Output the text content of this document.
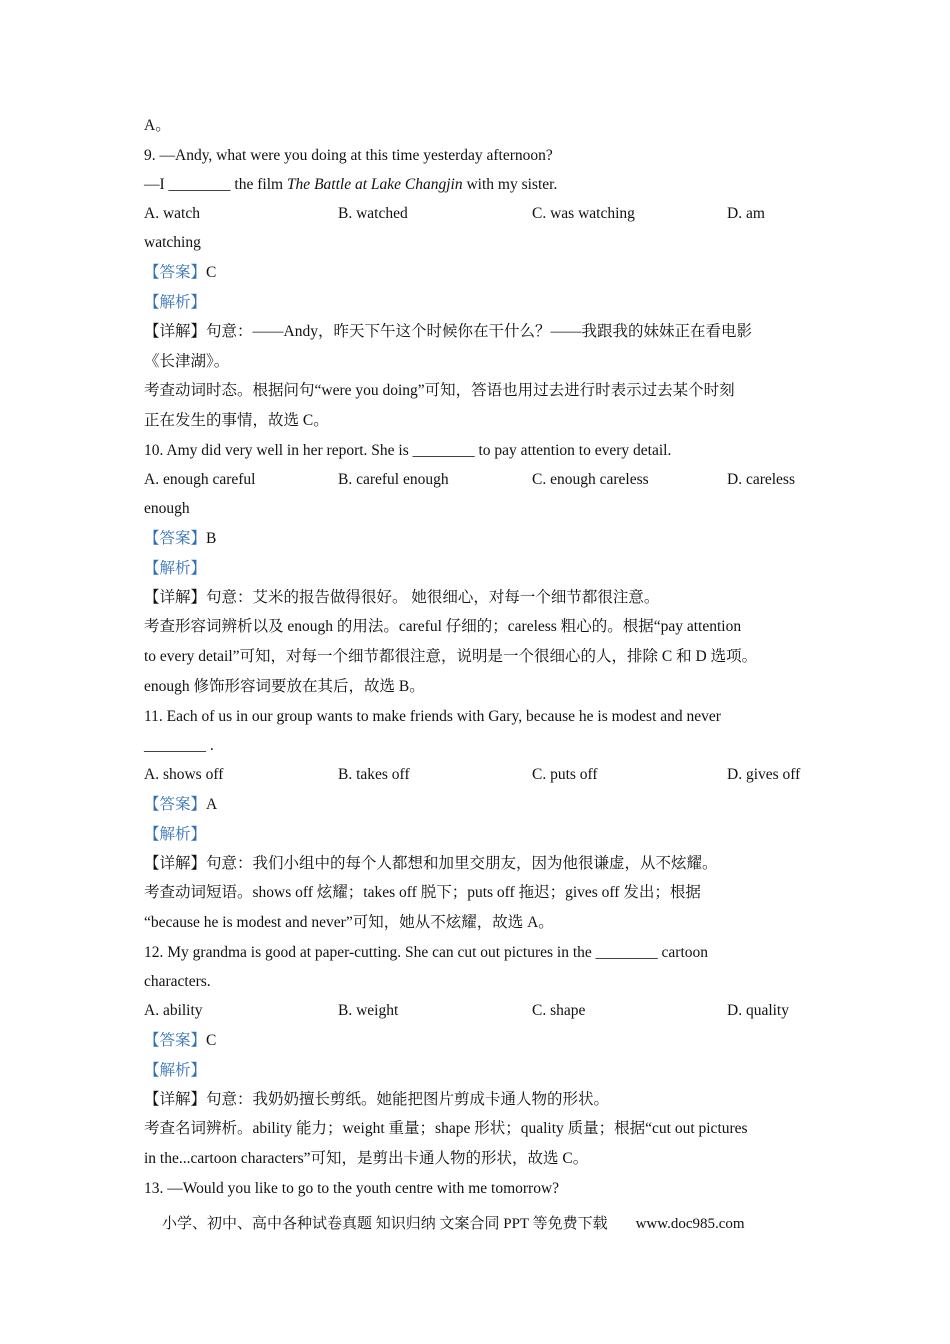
A。
9. —Andy, what were you doing at this time yesterday afternoon?
—I ________ the film The Battle at Lake Changjin with my sister.
A. watch	B. watched	C. was watching	D. am
watching
【答案】C
【解析】
【详解】句意：——Andy，昨天下午这个时候你在干什么？——我跟我的妹妹正在看电影
《长津湖》。
考查动词时态。根据问句“were you doing”可知，答语也用过去进行时表示过去某个时刻
正在发生的事情，故选 C。
10. Amy did very well in her report. She is ________ to pay attention to every detail.
A. enough careful	B. careful enough	C. enough careless	D. careless
enough
【答案】B
【解析】
【详解】句意：艾米的报告做得很好。 她很细心，对每一个细节都很注意。
考查形容词辨析以及 enough 的用法。careful 仔细的；careless 粗心的。根据“pay attention
to every detail”可知，对每一个细节都很注意，说明是一个很细心的人，排除 C 和 D 选项。
enough 修饰形容词要放在其后，故选 B。
11. Each of us in our group wants to make friends with Gary, because he is modest and never
________ .
A. shows off	B. takes off	C. puts off	D. gives off
【答案】A
【解析】
【详解】句意：我们小组中的每个人都想和加里交朋友，因为他很谦虚，从不炫耀。
考查动词短语。shows off 炫耀；takes off 脱下；puts off 拖迟；gives off 发出；根据
“because he is modest and never”可知，她从不炫耀，故选 A。
12. My grandma is good at paper-cutting. She can cut out pictures in the ________ cartoon
characters.
A. ability	B. weight	C. shape	D. quality
【答案】C
【解析】
【详解】句意：我奶奶擅长剪纸。她能把图片剪成卡通人物的形状。
考查名词辨析。ability 能力；weight 重量；shape 形状；quality 质量；根据“cut out pictures
in the...cartoon characters”可知，是剪出卡通人物的形状，故选 C。
13. —Would you like to go to the youth centre with me tomorrow?
小学、初中、高中各种试卷真题 知识归纳 文案合同 PPT 等免费下载 www.doc985.com
